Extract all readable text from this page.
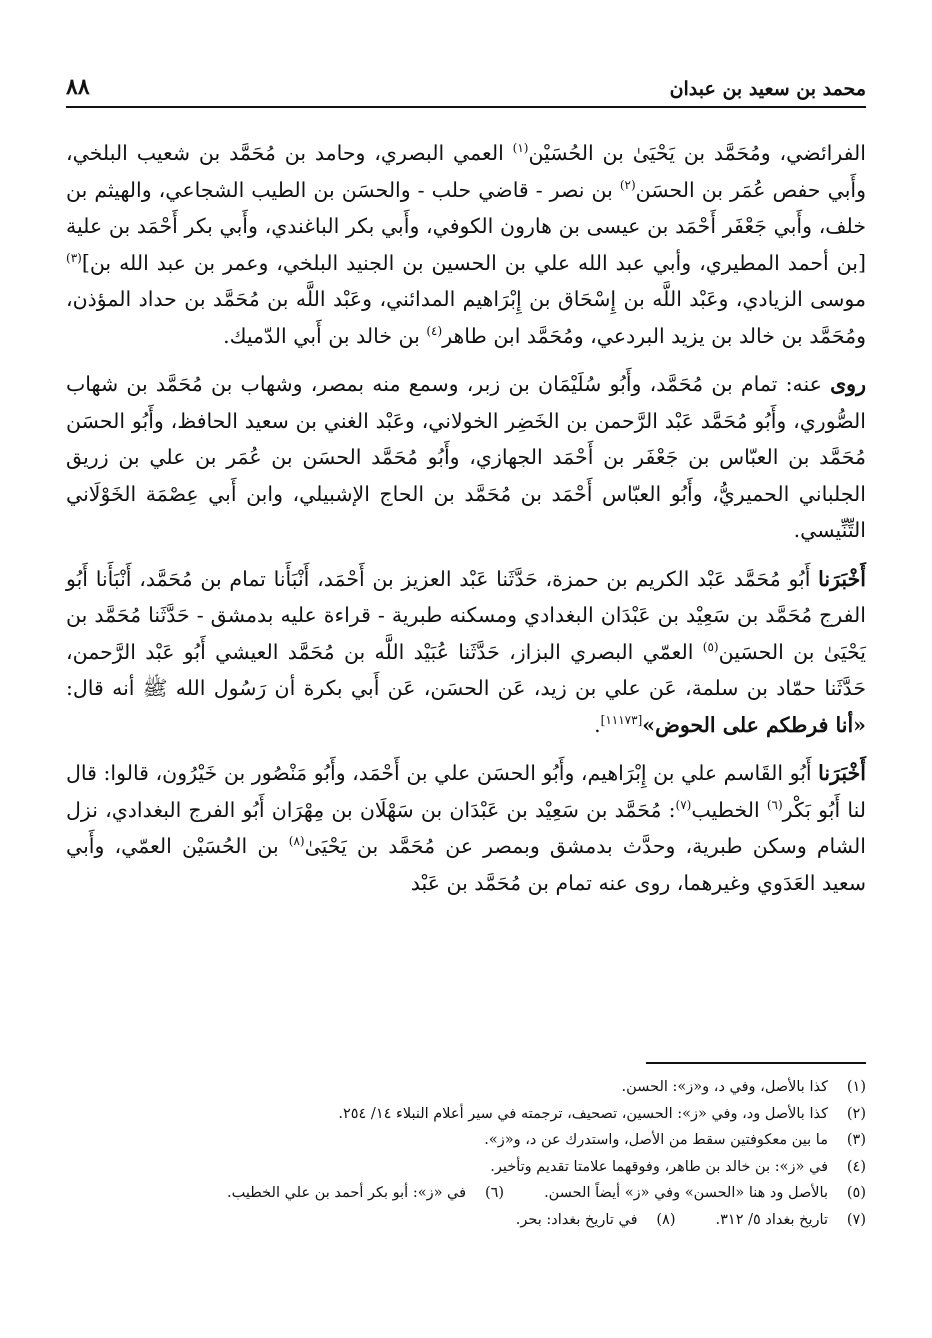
محمد بن سعيد بن عبدان
٨٨

الفرائضي، ومُحَمَّد بن يَحْيَىٰ بن الحُسَيْن$^{(١)}$ العمي البصري، وحامد بن مُحَمَّد بن شعيب البلخي، وأَبي حفص عُمَر بن الحسَن$^{(٢)}$ بن نصر - قاضي حلب - والحسَن بن الطيب الشجاعي، والهيثم بن خلف، وأَبي جَعْفَر أَحْمَد بن عيسى بن هارون الكوفي، وأَبي بكر الباغندي، وأَبي بكر أَحْمَد بن علية [بن أحمد المطيري، وأبي عبد الله علي بن الحسين بن الجنيد البلخي، وعمر بن عبد الله بن]$^{(٣)}$ موسى الزيادي، وعَبْد اللَّه بن إِسْحَاق بن إِبْرَاهيم المدائني، وعَبْد اللَّه بن مُحَمَّد بن حداد المؤذن، ومُحَمَّد بن خالد بن يزيد البردعي، ومُحَمَّد ابن طاهر$^{(٤)}$ بن خالد بن أَبي الدّميك.

روى عنه: تمام بن مُحَمَّد، وأَبُو سُلَيْمَان بن زبر، وسمع منه بمصر، وشهاب بن مُحَمَّد بن شهاب الصُّوري، وأَبُو مُحَمَّد عَبْد الرَّحمن بن الخَضِر الخولاني، وعَبْد الغني بن سعيد الحافظ، وأَبُو الحسَن مُحَمَّد بن العبّاس بن جَعْفَر بن أَحْمَد الجهازي، وأَبُو مُحَمَّد الحسَن بن عُمَر بن علي بن زريق الجلباني الحميريُّ، وأَبُو العبّاس أَحْمَد بن مُحَمَّد بن الحاج الإشبيلي، وابن أَبي عِصْمَة الخَوْلَاني التِّنِّيسي.

أَخْبَرَنا أَبُو مُحَمَّد عَبْد الكريم بن حمزة، حَدَّثَنا عَبْد العزيز بن أَحْمَد، أَنْبَأَنا تمام بن مُحَمَّد، أَنْبَأَنا أَبُو الفرج مُحَمَّد بن سَعِيْد بن عَبْدَان البغدادي ومسكنه طبرية - قراءة عليه بدمشق - حَدَّثَنا مُحَمَّد بن يَحْيَىٰ بن الحسَين$^{(٥)}$ العمّي البصري البزاز، حَدَّثَنا عُبَيْد اللَّه بن مُحَمَّد العيشي أَبُو عَبْد الرَّحمن، حَدَّثَنا حمّاد بن سلمة، عَن علي بن زيد، عَن الحسَن، عَن أَبي بكرة أن رَسُول الله ﷺ أنه قال: «أنا فرطكم على الحوض»[١١١٧٣].

أَخْبَرَنا أَبُو القَاسم علي بن إِبْرَاهيم، وأَبُو الحسَن علي بن أَحْمَد، وأَبُو مَنْصُور بن خَيْرُون، قالوا: قال لنا أَبُو بَكْر$^{(٦)}$ الخطيب$^{(٧)}$: مُحَمَّد بن سَعِيْد بن عَبْدَان بن سَهْلَان بن مِهْرَان أَبُو الفرج البغدادي، نزل الشام وسكن طبرية، وحدَّث بدمشق وبمصر عن مُحَمَّد بن يَحْيَىٰ$^{(٨)}$ بن الحُسَيْن العمّي، وأَبي سعيد العَدَوي وغيرهما، روى عنه تمام بن مُحَمَّد بن عَبْد

(١)
كذا بالأصل، وفي د، و«ز»: الحسن.
(٢)
كذا بالأصل ود، وفي «ز»: الحسين، تصحيف، ترجمته في سير أعلام النبلاء ١٤/ ٢٥٤.
(٣)
ما بين معكوفتين سقط من الأصل، واستدرك عن د، و«ز».
(٤)
في «ز»: بن خالد بن طاهر، وفوقهما علامتا تقديم وتأخير.
(٥)
بالأصل ود هنا «الحسن» وفي «ز» أيضاً الحسن.
(٦)
في «ز»: أبو بكر أحمد بن علي الخطيب.
(٧)
تاريخ بغداد ٥/ ٣١٢.
(٨)
في تاريخ بغداد: بحر.
